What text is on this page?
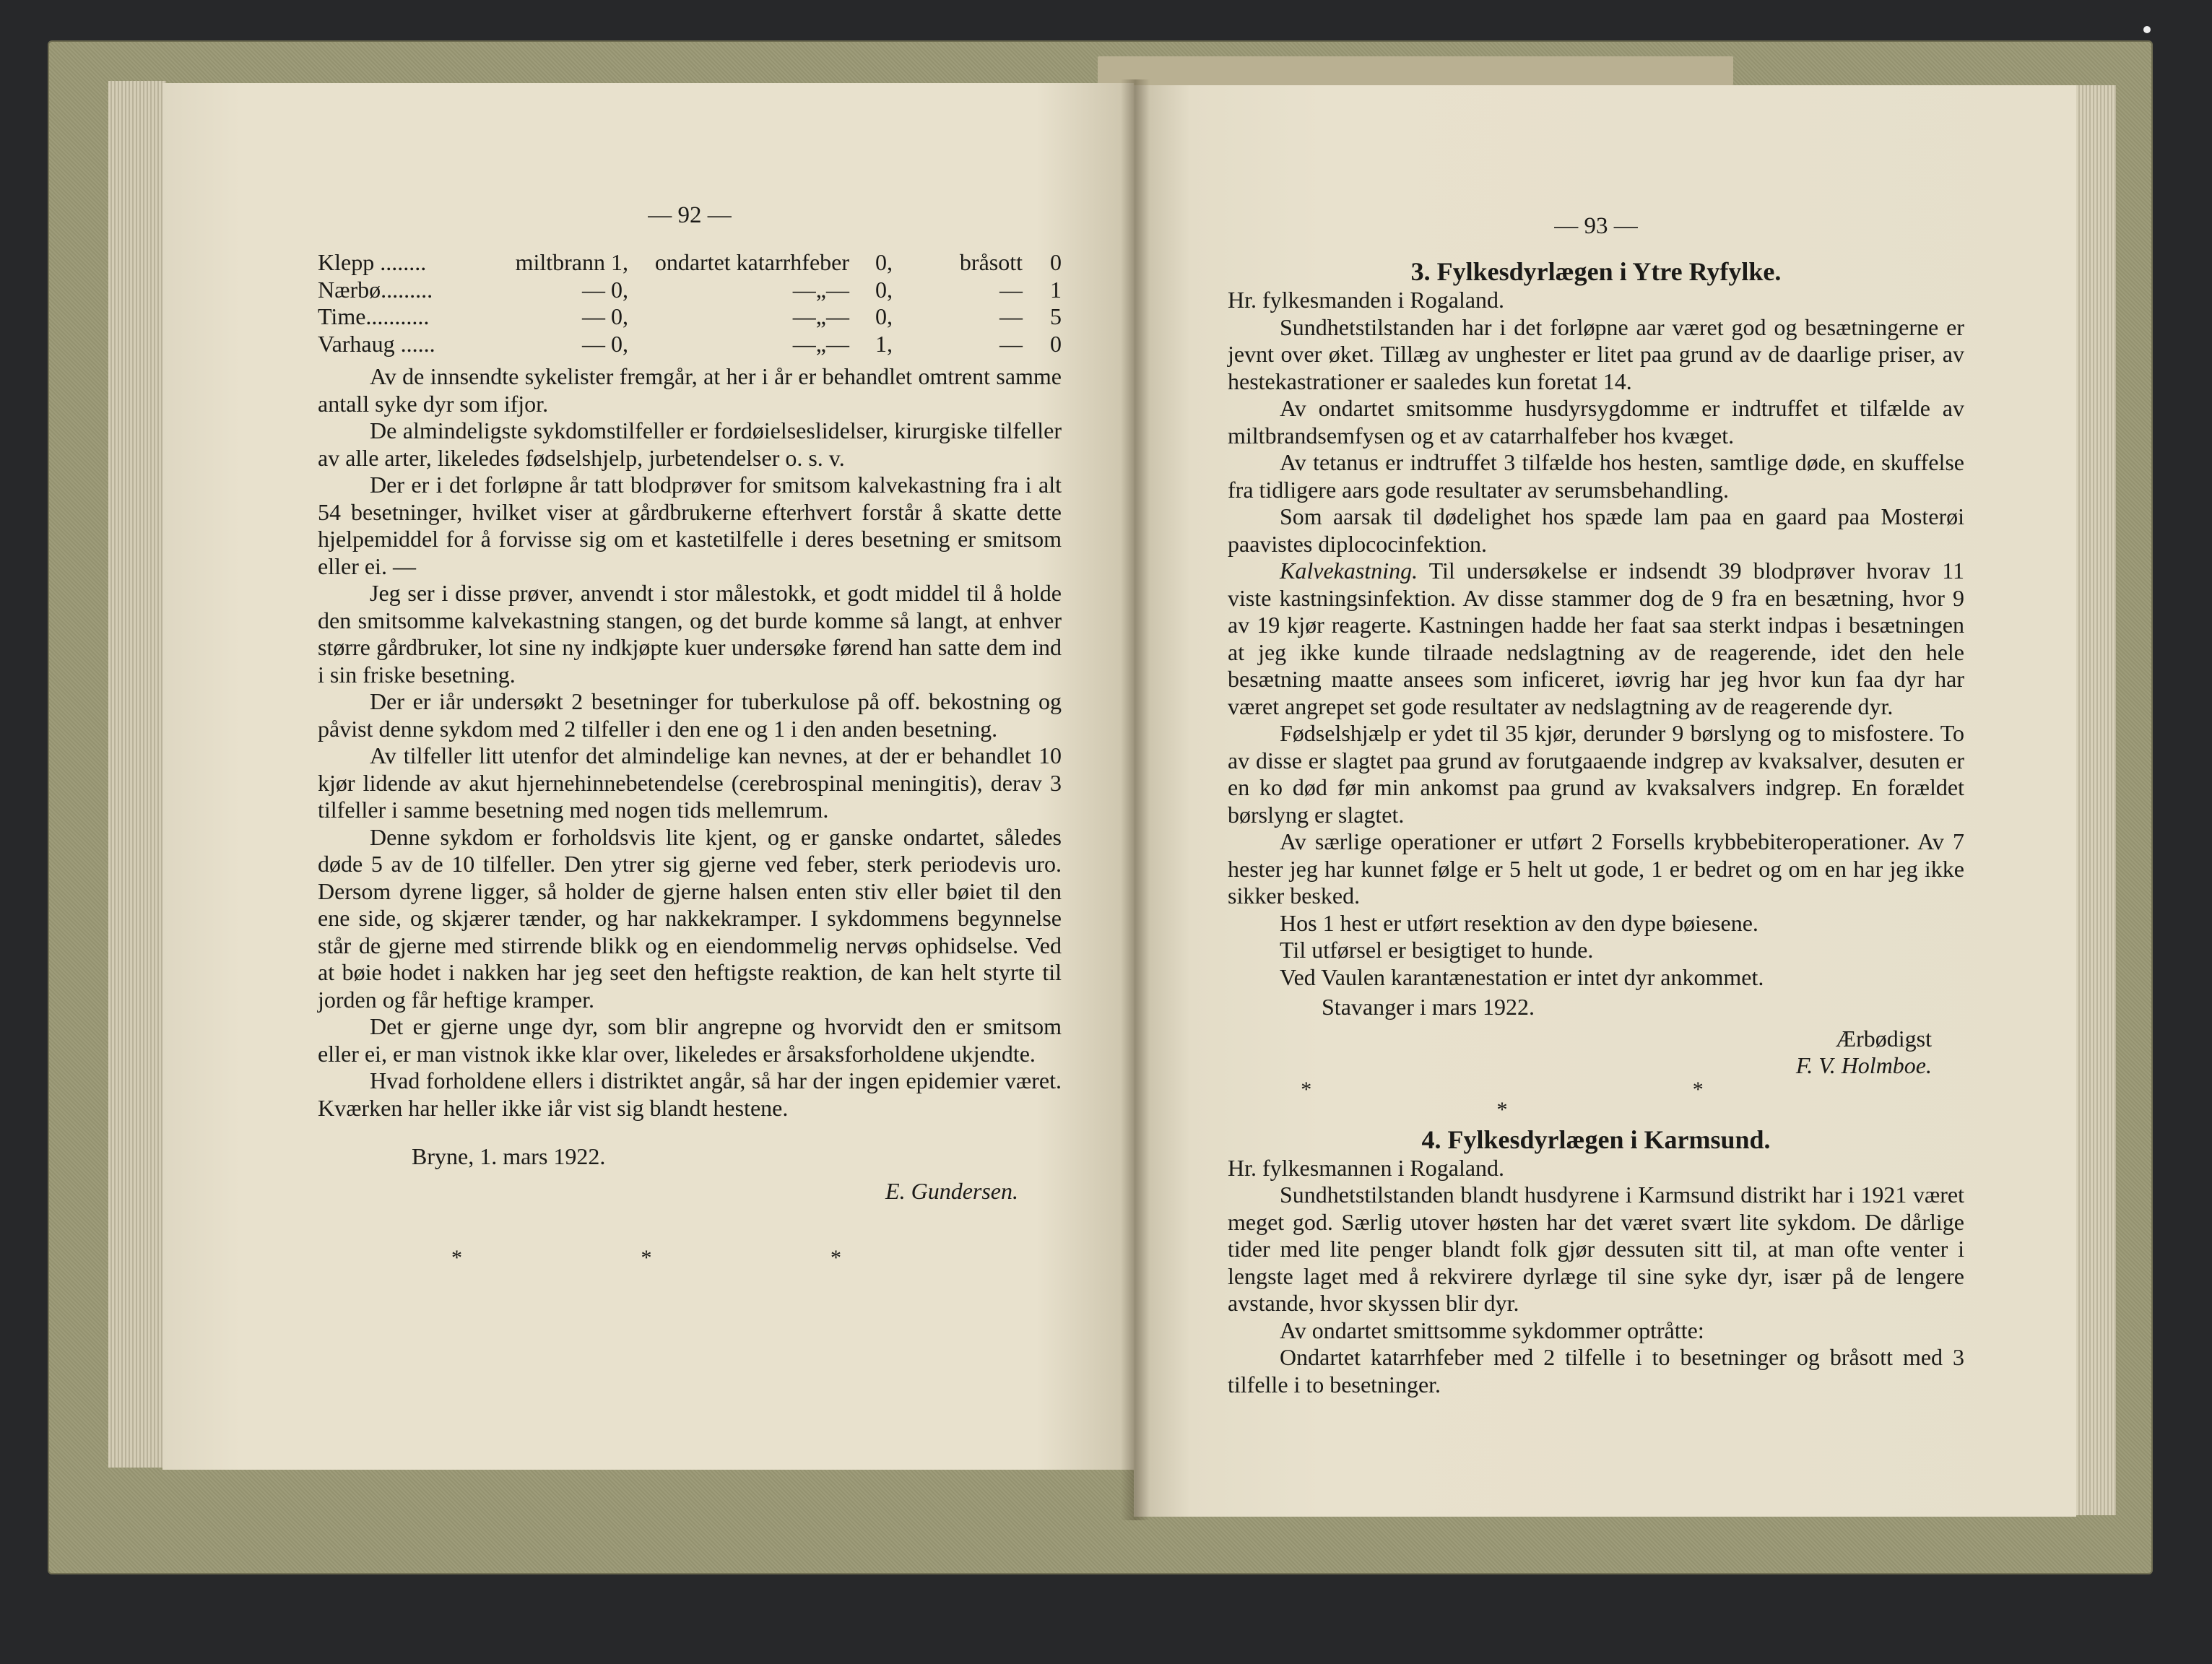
— 92 —
Klepp ........	miltbrann 1,	ondartet katarrhfeber	0,	bråsott	0
Nærbø.........	— 0,	—„—	0,	—	1
Time...........	— 0,	—„—	0,	—	5
Varhaug ......	— 0,	—„—	1,	—	0

Av de innsendte sykelister fremgår, at her i år er behandlet omtrent samme antall syke dyr som ifjor.

De almindeligste sykdomstilfeller er fordøielseslidelser, kirurgiske tilfeller av alle arter, likeledes fødselshjelp, jurbetendelser o. s. v.

Der er i det forløpne år tatt blodprøver for smitsom kalvekastning fra i alt 54 besetninger, hvilket viser at gårdbrukerne efterhvert forstår å skatte dette hjelpemiddel for å forvisse sig om et kastetilfelle i deres besetning er smitsom eller ei. —

Jeg ser i disse prøver, anvendt i stor målestokk, et godt middel til å holde den smitsomme kalvekastning stangen, og det burde komme så langt, at enhver større gårdbruker, lot sine ny indkjøpte kuer undersøke førend han satte dem ind i sin friske besetning.

Der er iår undersøkt 2 besetninger for tuberkulose på off. bekostning og påvist denne sykdom med 2 tilfeller i den ene og 1 i den anden besetning.

Av tilfeller litt utenfor det almindelige kan nevnes, at der er behandlet 10 kjør lidende av akut hjernehinnebetendelse (cerebrospinal meningitis), derav 3 tilfeller i samme besetning med nogen tids mellemrum.

Denne sykdom er forholdsvis lite kjent, og er ganske ondartet, således døde 5 av de 10 tilfeller. Den ytrer sig gjerne ved feber, sterk periodevis uro. Dersom dyrene ligger, så holder de gjerne halsen enten stiv eller bøiet til den ene side, og skjærer tænder, og har nakkekramper. I sykdommens begynnelse står de gjerne med stirrende blikk og en eiendommelig nervøs ophidselse. Ved at bøie hodet i nakken har jeg seet den heftigste reaktion, de kan helt styrte til jorden og får heftige kramper.

Det er gjerne unge dyr, som blir angrepne og hvorvidt den er smitsom eller ei, er man vistnok ikke klar over, likeledes er årsaksforholdene ukjendte.

Hvad forholdene ellers i distriktet angår, så har der ingen epidemier været. Kværken har heller ikke iår vist sig blandt hestene.

Bryne, 1. mars 1922.
E. Gundersen.
* * *
— 93 —
3. Fylkesdyrlægen i Ytre Ryfylke.
Hr. fylkesmanden i Rogaland.

Sundhetstilstanden har i det forløpne aar været god og besætningerne er jevnt over øket. Tillæg av unghester er litet paa grund av de daarlige priser, av hestekastrationer er saaledes kun foretat 14.

Av ondartet smitsomme husdyrsygdomme er indtruffet et tilfælde av miltbrandsemfysen og et av catarrhalfeber hos kvæget.

Av tetanus er indtruffet 3 tilfælde hos hesten, samtlige døde, en skuffelse fra tidligere aars gode resultater av serumsbehandling.

Som aarsak til dødelighet hos spæde lam paa en gaard paa Mosterøi paavistes diplococinfektion.

Kalvekastning. Til undersøkelse er indsendt 39 blodprøver hvorav 11 viste kastningsinfektion. Av disse stammer dog de 9 fra en besætning, hvor 9 av 19 kjør reagerte. Kastningen hadde her faat saa sterkt indpas i besætningen at jeg ikke kunde tilraade nedslagtning av de reagerende, idet den hele besætning maatte ansees som inficeret, iøvrig har jeg hvor kun faa dyr har været angrepet set gode resultater av nedslagtning av de reagerende dyr.

Fødselshjælp er ydet til 35 kjør, derunder 9 børslyng og to misfostere. To av disse er slagtet paa grund av forutgaaende indgrep av kvaksalver, desuten er en ko død før min ankomst paa grund av kvaksalvers indgrep. En forældet børslyng er slagtet.

Av særlige operationer er utført 2 Forsells krybbebiteroperationer. Av 7 hester jeg har kunnet følge er 5 helt ut gode, 1 er bedret og om en har jeg ikke sikker besked.

Hos 1 hest er utført resektion av den dype bøiesene.

Til utførsel er besigtiget to hunde.

Ved Vaulen karantænestation er intet dyr ankommet.

Stavanger i mars 1922.
Ærbødigst
F. V. Holmboe.
* * *
4. Fylkesdyrlægen i Karmsund.
Hr. fylkesmannen i Rogaland.

Sundhetstilstanden blandt husdyrene i Karmsund distrikt har i 1921 været meget god. Særlig utover høsten har det været svært lite sykdom. De dårlige tider med lite penger blandt folk gjør dessuten sitt til, at man ofte venter i lengste laget med å rekvirere dyrlæge til sine syke dyr, især på de lengere avstande, hvor skyssen blir dyr.

Av ondartet smittsomme sykdommer optråtte:

Ondartet katarrhfeber med 2 tilfelle i to besetninger og bråsott med 3 tilfelle i to besetninger.
